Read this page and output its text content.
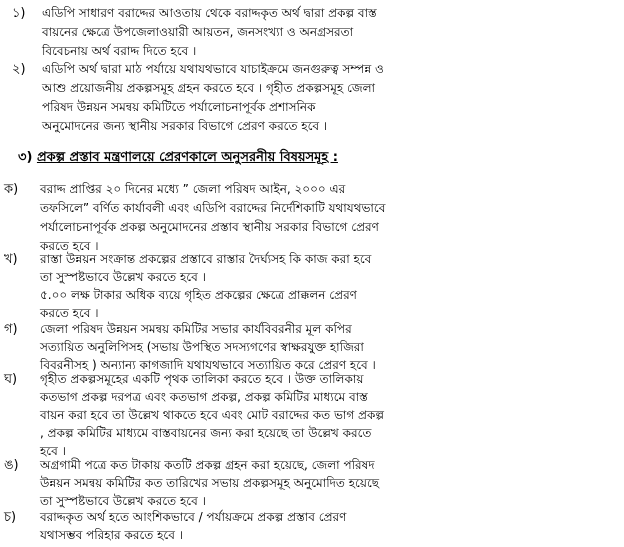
১) এডিপি সাধারণ বরাদ্দের আওতায় থেকে বরাদ্দকৃত অর্থ দ্বারা প্রকল্প বাস্ত
বায়নের ক্ষেত্রে উপজেলাওয়ারী আয়তন, জনসংখ্যা ও অনগ্রসরতা
বিবেচনায় অর্থ বরাদ্দ দিতে হবে ।
২) এডিপি অর্থ দ্বারা মাঠ পর্যায়ে যথাযথভাবে যাচাইক্রমে জনগুরুত্ব সম্পন্ন ও
আশু প্রয়োজনীয় প্রকল্পসমূহ গ্রহন করতে হবে । গৃহীত প্রকল্পসমূহ জেলা
পরিষদ উন্নয়ন সমন্বয় কমিটিতে পর্যালোচনাপূর্বক প্রশাসনিক
অনুমোদনের জন্য স্থানীয় সরকার বিভাগে প্রেরণ করতে হবে ।
৩) প্রকল্প প্রস্তাব মন্ত্রণালয়ে প্রেরণকালে অনুসরনীয় বিষয়সমূহ :
ক) বরাদ্দ প্রাপ্তির ২০ দিনের মধ্যে ” জেলা পরিষদ আইন, ২০০০ এর
তফসিলে” বর্ণিত কার্যাবলী এবং এডিপি বরাদ্দের নির্দেশিকাটি যথাযথভাবে
পর্যালোচনাপূর্বক প্রকল্প অনুমোদনের প্রস্তাব স্থানীয় সরকার বিভাগে প্রেরণ
করতে হবে ।
খ) রাস্তা উন্নয়ন সংক্রান্ত প্রকল্পের প্রস্তাবে রাস্তার দৈর্ঘ্যসহ কি কাজ করা হবে
তা সুস্পষ্টভাবে উল্লেখ করতে হবে ।
৫.০০ লক্ষ টাকার অধিক ব্যয়ে গৃহিত প্রকল্পের ক্ষেত্রে প্রাক্কলন প্রেরণ
করতে হবে ।
গ) জেলা পরিষদ উন্নয়ন সমন্বয় কমিটির সভার কার্যবিবরনীর মূল কপির
সত্যায়িত অনুলিপিসহ (সভায় উপস্থিত সদস্যগণের স্বাক্ষরযুক্ত হাজিরা
বিবরনীসহ ) অন্যান্য কাগজাদি যথাযথভাবে সত্যায়িত করে প্রেরণ হবে ।
ঘ) গৃহীত প্রকল্পসমূহের একটি পৃথক তালিকা করতে হবে । উক্ত তালিকায়
কতভাগ প্রকল্প দরপত্র এবং কতভাগ প্রকল্প, প্রকল্প কমিটির মাধ্যমে বাস্ত
বায়ন করা হবে তা উল্লেখ থাকতে হবে এবং মোট বরাদ্দের কত ভাগ প্রকল্প
, প্রকল্প কমিটির মাধ্যমে বাস্তবায়নের জন্য করা হয়েছে তা উল্লেখ করতে
হবে ।
ঙ) অগ্রগামী পত্রে কত টাকায় কতটি প্রকল্প গ্রহন করা হয়েছে, জেলা পরিষদ
উন্নয়ন সমন্বয় কমিটির কত তারিখের সভায় প্রকল্পসমূহ অনুমোদিত হয়েছে
তা সুস্পষ্টভাবে উল্লেখ করতে হবে ।
চ) বরাদ্দকৃত অর্থ হতে আংশিকভাবে / পর্যায়ক্রমে প্রকল্প প্রস্তাব প্রেরণ
যথাসম্ভব পরিহার করতে হবে ।
